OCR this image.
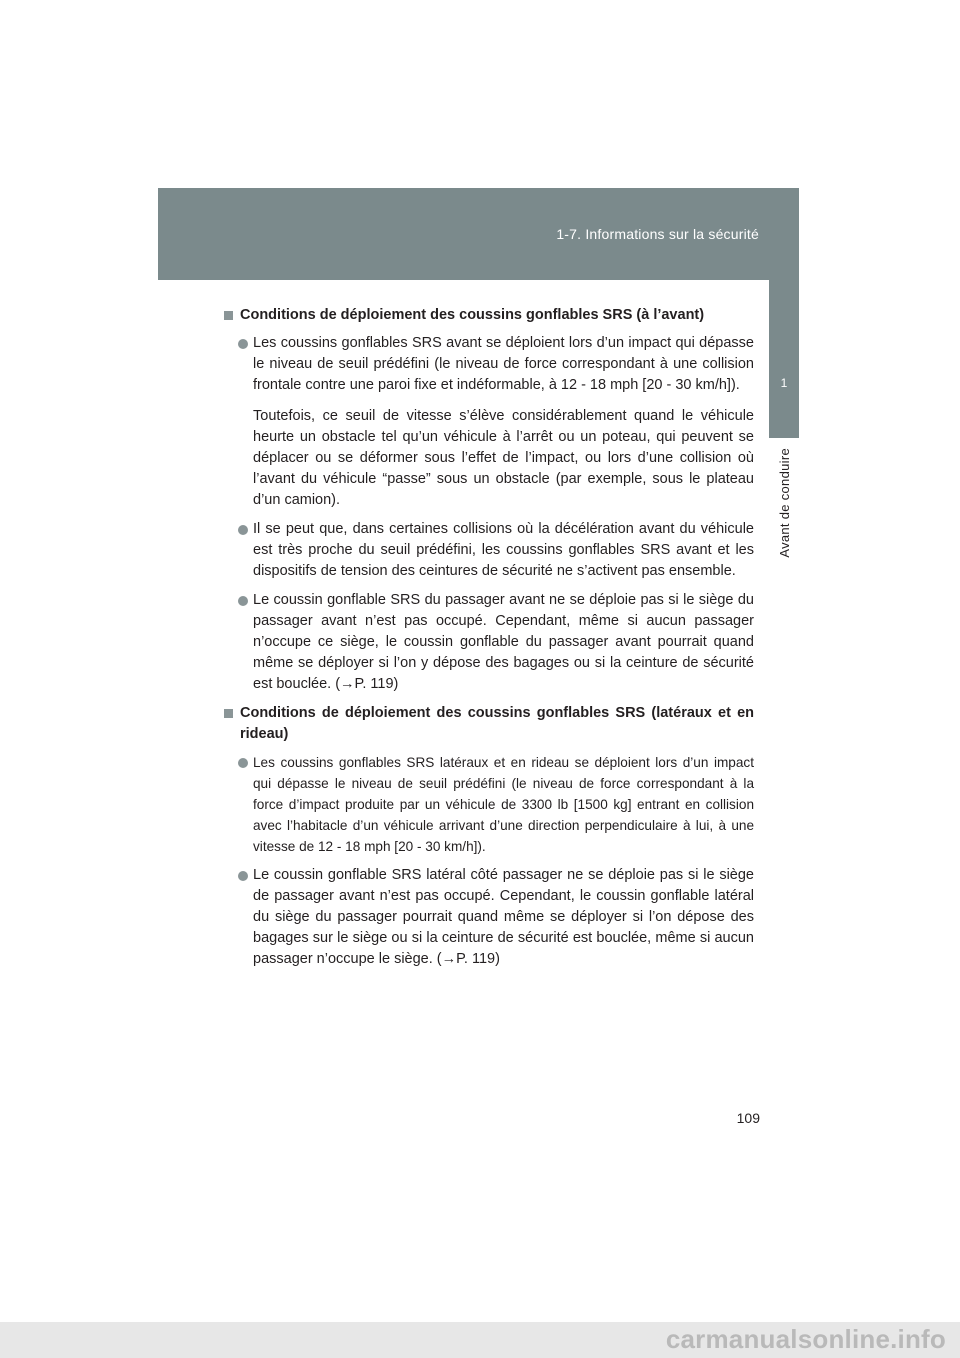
1-7. Informations sur la sécurité
1
Avant de conduire
Conditions de déploiement des coussins gonflables SRS (à l’avant)

Les coussins gonflables SRS avant se déploient lors d’un impact qui dépasse le niveau de seuil prédéfini (le niveau de force correspondant à une collision frontale contre une paroi fixe et indéformable, à 12 - 18 mph [20 - 30 km/h]).

Toutefois, ce seuil de vitesse s’élève considérablement quand le véhicule heurte un obstacle tel qu’un véhicule à l’arrêt ou un poteau, qui peuvent se déplacer ou se déformer sous l’effet de l’impact, ou lors d’une collision où l’avant du véhicule “passe” sous un obstacle (par exemple, sous le plateau d’un camion).

Il se peut que, dans certaines collisions où la décélération avant du véhicule est très proche du seuil prédéfini, les coussins gonflables SRS avant et les dispositifs de tension des ceintures de sécurité ne s’activent pas ensemble.

Le coussin gonflable SRS du passager avant ne se déploie pas si le siège du passager avant n’est pas occupé. Cependant, même si aucun passager n’occupe ce siège, le coussin gonflable du passager avant pourrait quand même se déployer si l’on y dépose des bagages ou si la ceinture de sécurité est bouclée. (→P. 119)

Conditions de déploiement des coussins gonflables SRS (latéraux et en rideau)

Les coussins gonflables SRS latéraux et en rideau se déploient lors d’un impact qui dépasse le niveau de seuil prédéfini (le niveau de force correspondant à la force d’impact produite par un véhicule de 3300 lb [1500 kg] entrant en collision avec l’habitacle d’un véhicule arrivant d’une direction perpendiculaire à lui, à une vitesse de 12 - 18 mph [20 - 30 km/h]).

Le coussin gonflable SRS latéral côté passager ne se déploie pas si le siège de passager avant n’est pas occupé. Cependant, le coussin gonflable latéral du siège du passager pourrait quand même se déployer si l’on dépose des bagages sur le siège ou si la ceinture de sécurité est bouclée, même si aucun passager n’occupe le siège. (→P. 119)

109
carmanualsonline.info
